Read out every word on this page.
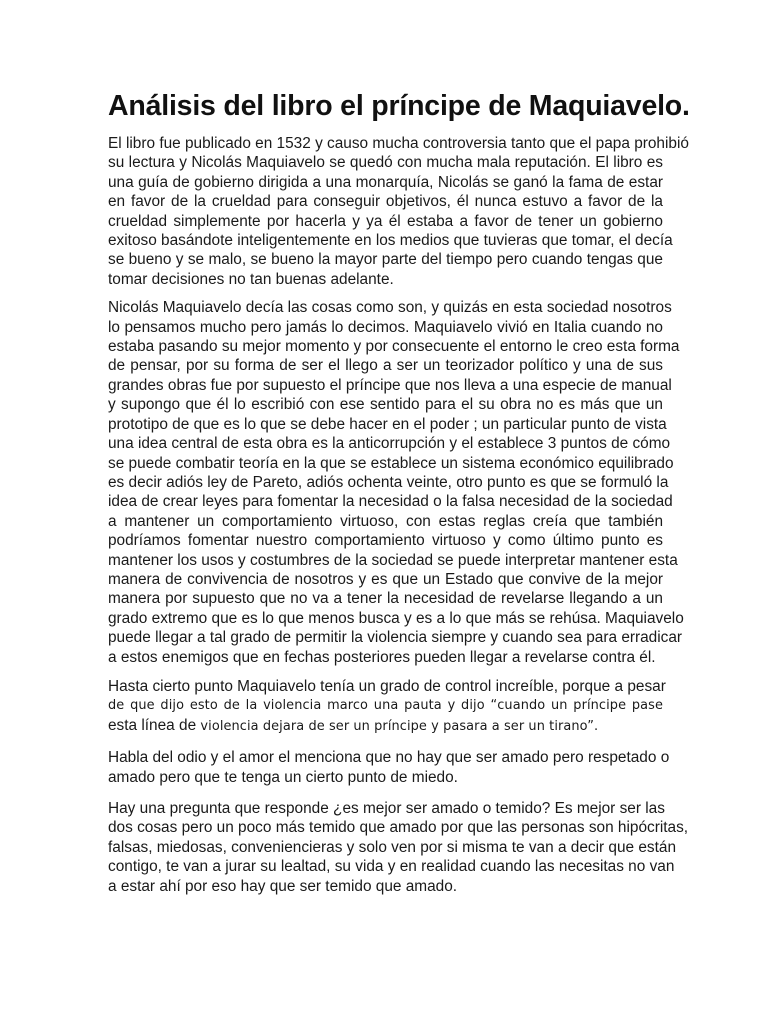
Análisis del libro el príncipe de Maquiavelo.

El libro fue publicado en 1532 y causo mucha controversia tanto que el papa prohibió
su lectura y Nicolás Maquiavelo se quedó con mucha mala reputación. El libro es
una guía de gobierno dirigida a una monarquía, Nicolás se ganó la fama de estar
en favor de la crueldad para conseguir objetivos, él nunca estuvo a favor de la
crueldad simplemente por hacerla y ya él estaba a favor de tener un gobierno
exitoso basándote inteligentemente en los medios que tuvieras que tomar, el decía
se bueno y se malo, se bueno la mayor parte del tiempo pero cuando tengas que
tomar decisiones no tan buenas adelante.

Nicolás Maquiavelo decía las cosas como son, y quizás en esta sociedad nosotros
lo pensamos mucho pero jamás lo decimos. Maquiavelo vivió en Italia cuando no
estaba pasando su mejor momento y por consecuente el entorno le creo esta forma
de pensar, por su forma de ser el llego a ser un teorizador político y una de sus
grandes obras fue por supuesto el príncipe que nos lleva a una especie de manual
y supongo que él lo escribió con ese sentido para el su obra no es más que un
prototipo de que es lo que se debe hacer en el poder ; un particular punto de vista
una idea central de esta obra es la anticorrupción y el establece 3 puntos de cómo
se puede combatir teoría en la que se establece un sistema económico equilibrado
es decir adiós ley de Pareto, adiós ochenta veinte, otro punto es que se formuló la
idea de crear leyes para fomentar la necesidad o la falsa necesidad de la sociedad
a mantener un comportamiento virtuoso, con estas reglas creía que también
podríamos fomentar nuestro comportamiento virtuoso y como último punto es
mantener los usos y costumbres de la sociedad se puede interpretar mantener esta
manera de convivencia de nosotros y es que un Estado que convive de la mejor
manera por supuesto que no va a tener la necesidad de revelarse llegando a un
grado extremo que es lo que menos busca y es a lo que más se rehúsa. Maquiavelo
puede llegar a tal grado de permitir la violencia siempre y cuando sea para erradicar
a estos enemigos que en fechas posteriores pueden llegar a revelarse contra él.

Hasta cierto punto Maquiavelo tenía un grado de control increíble, porque a pesar
de que dijo esto de la violencia marco una pauta y dijo “cuando un príncipe pase
esta línea de violencia dejara de ser un príncipe y pasara a ser un tirano”.

Habla del odio y el amor el menciona que no hay que ser amado pero respetado o
amado pero que te tenga un cierto punto de miedo.

Hay una pregunta que responde ¿es mejor ser amado o temido? Es mejor ser las
dos cosas pero un poco más temido que amado por que las personas son hipócritas,
falsas, miedosas, conveniencieras y solo ven por si misma te van a decir que están
contigo, te van a jurar su lealtad, su vida y en realidad cuando las necesitas no van
a estar ahí por eso hay que ser temido que amado.
